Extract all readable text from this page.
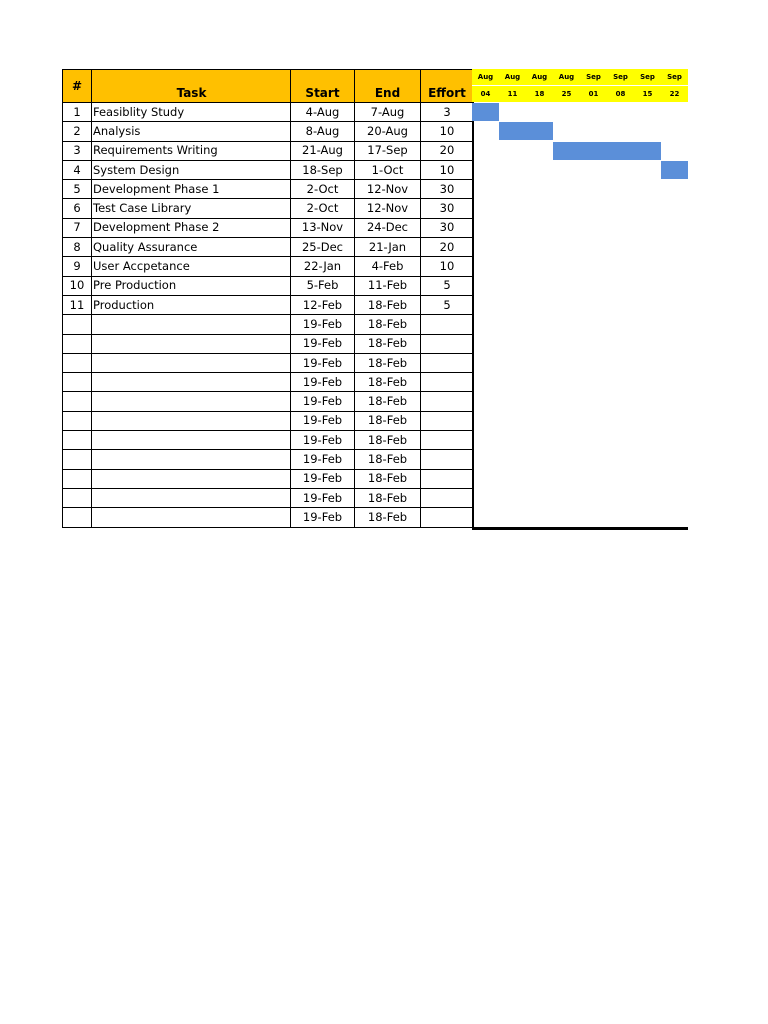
#	Task	Start	End	Effort
1	Feasiblity Study	4-Aug	7-Aug	3
2	Analysis	8-Aug	20-Aug	10
3	Requirements Writing	21-Aug	17-Sep	20
4	System Design	18-Sep	1-Oct	10
5	Development Phase 1	2-Oct	12-Nov	30
6	Test Case Library	2-Oct	12-Nov	30
7	Development Phase 2	13-Nov	24-Dec	30
8	Quality Assurance	25-Dec	21-Jan	20
9	User Accpetance	22-Jan	4-Feb	10
10	Pre Production	5-Feb	11-Feb	5
11	Production	12-Feb	18-Feb	5
		19-Feb	18-Feb	
		19-Feb	18-Feb	
		19-Feb	18-Feb	
		19-Feb	18-Feb	
		19-Feb	18-Feb	
		19-Feb	18-Feb	
		19-Feb	18-Feb	
		19-Feb	18-Feb	
		19-Feb	18-Feb	
		19-Feb	18-Feb	
		19-Feb	18-Feb	
Aug	Aug	Aug	Aug	Sep	Sep	Sep	Sep
04	11	18	25	01	08	15	22
